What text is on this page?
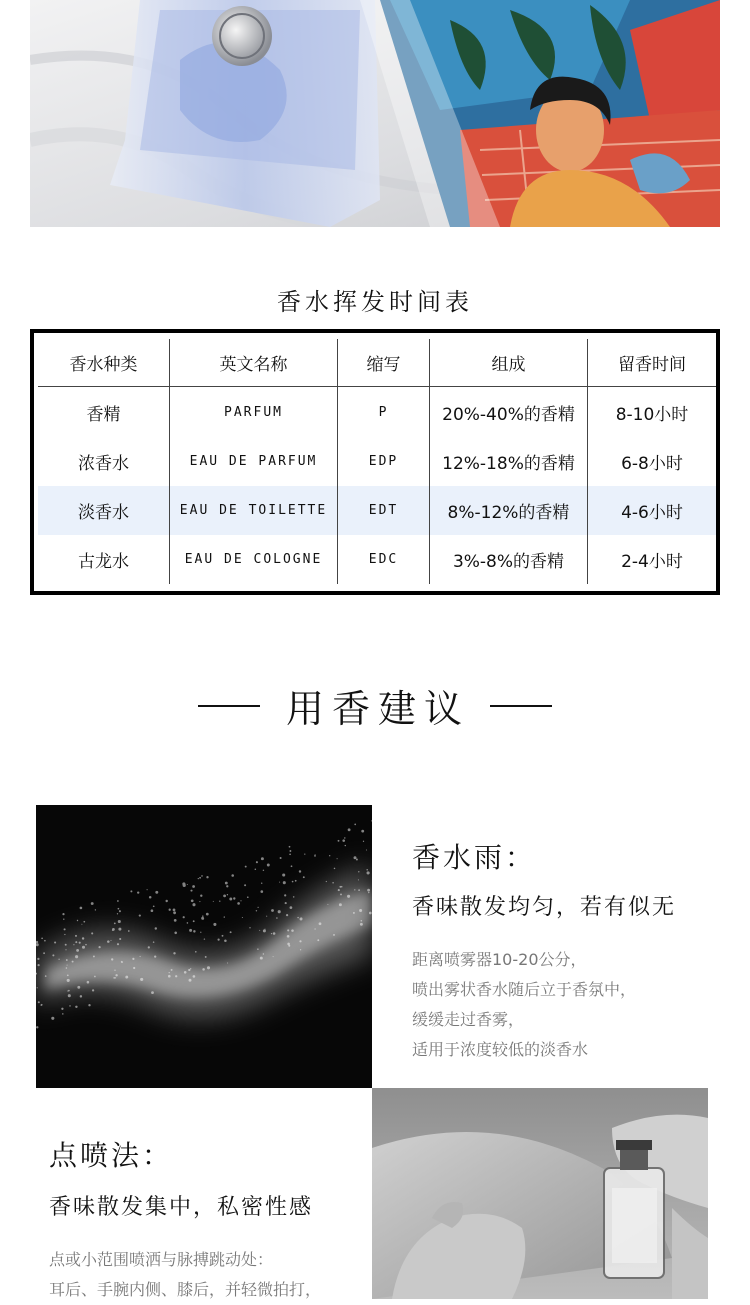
香水挥发时间表
香水种类	英文名称	缩写	组成	留香时间
香精	PARFUM	P	20%-40%的香精	8-10小时
浓香水	EAU DE PARFUM	EDP	12%-18%的香精	6-8小时
淡香水	EAU DE TOILETTE	EDT	8%-12%的香精	4-6小时
古龙水	EAU DE COLOGNE	EDC	3%-8%的香精	2-4小时
用香建议
香水雨：
香味散发均匀，若有似无
距离喷雾器10-20公分，
喷出雾状香水随后立于香氛中，
缓缓走过香雾，
适用于浓度较低的淡香水
点喷法：
香味散发集中，私密性感
点或小范围喷洒与脉搏跳动处：
耳后、手腕内侧、膝后，并轻微拍打，
